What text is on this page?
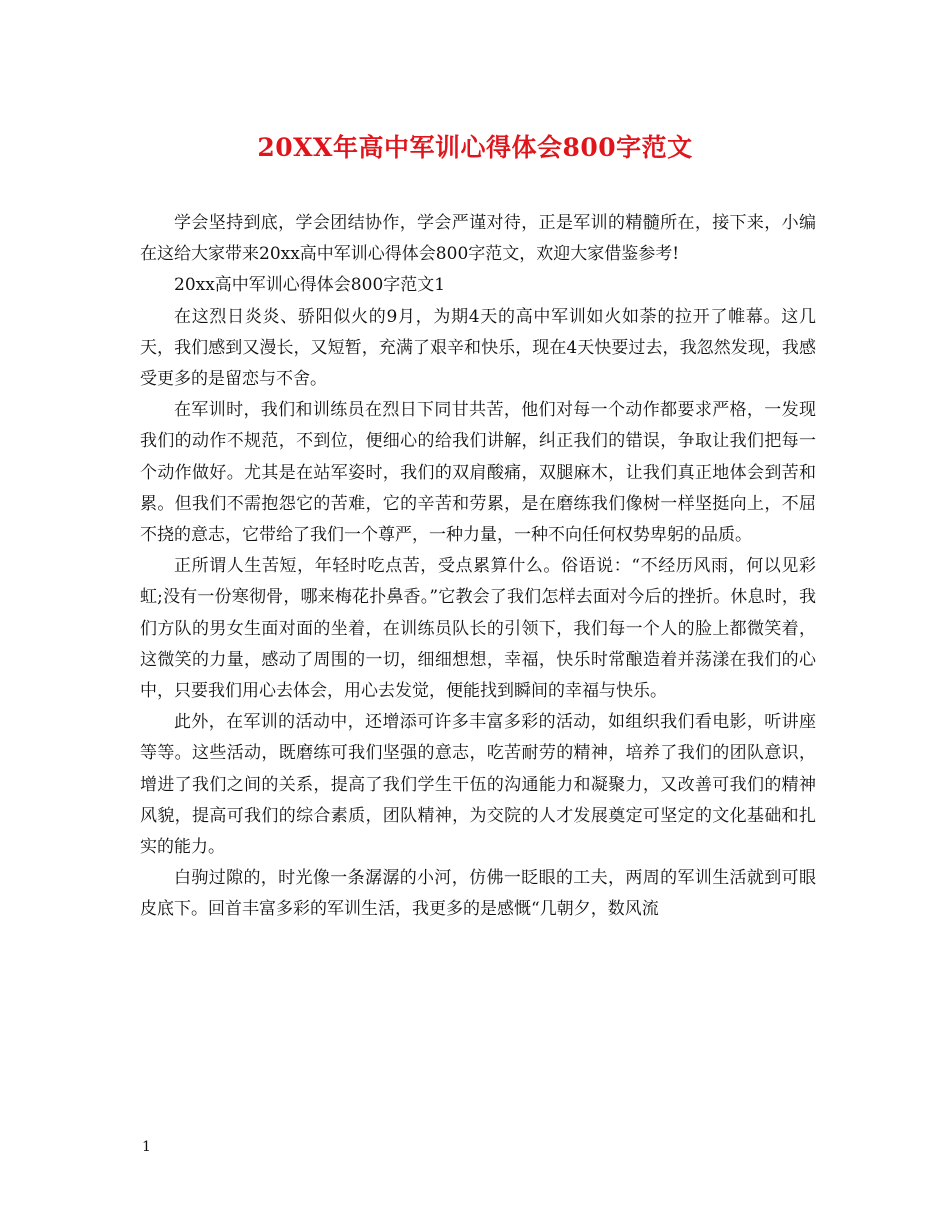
20XX年高中军训心得体会800字范文

学会坚持到底，学会团结协作，学会严谨对待，正是军训的精髓所在，接下来，小编在这给大家带来20xx高中军训心得体会800字范文，欢迎大家借鉴参考!

20xx高中军训心得体会800字范文1

在这烈日炎炎、骄阳似火的9月，为期4天的高中军训如火如荼的拉开了帷幕。这几天，我们感到又漫长，又短暂，充满了艰辛和快乐，现在4天快要过去，我忽然发现，我感受更多的是留恋与不舍。

在军训时，我们和训练员在烈日下同甘共苦，他们对每一个动作都要求严格，一发现我们的动作不规范，不到位，便细心的给我们讲解，纠正我们的错误，争取让我们把每一个动作做好。尤其是在站军姿时，我们的双肩酸痛，双腿麻木，让我们真正地体会到苦和累。但我们不需抱怨它的苦难，它的辛苦和劳累，是在磨练我们像树一样坚挺向上，不屈不挠的意志，它带给了我们一个尊严，一种力量，一种不向任何权势卑躬的品质。

正所谓人生苦短，年轻时吃点苦，受点累算什么。俗语说：“不经历风雨，何以见彩虹;没有一份寒彻骨，哪来梅花扑鼻香。”它教会了我们怎样去面对今后的挫折。休息时，我们方队的男女生面对面的坐着，在训练员队长的引领下，我们每一个人的脸上都微笑着，这微笑的力量，感动了周围的一切，细细想想，幸福，快乐时常酿造着并荡漾在我们的心中，只要我们用心去体会，用心去发觉，便能找到瞬间的幸福与快乐。

此外，在军训的活动中，还增添可许多丰富多彩的活动，如组织我们看电影，听讲座等等。这些活动，既磨练可我们坚强的意志，吃苦耐劳的精神，培养了我们的团队意识，增进了我们之间的关系，提高了我们学生干伍的沟通能力和凝聚力，又改善可我们的精神风貌，提高可我们的综合素质，团队精神，为交院的人才发展奠定可坚定的文化基础和扎实的能力。

白驹过隙的，时光像一条潺潺的小河，仿佛一眨眼的工夫，两周的军训生活就到可眼皮底下。回首丰富多彩的军训生活，我更多的是感慨“几朝夕，数风流

1
